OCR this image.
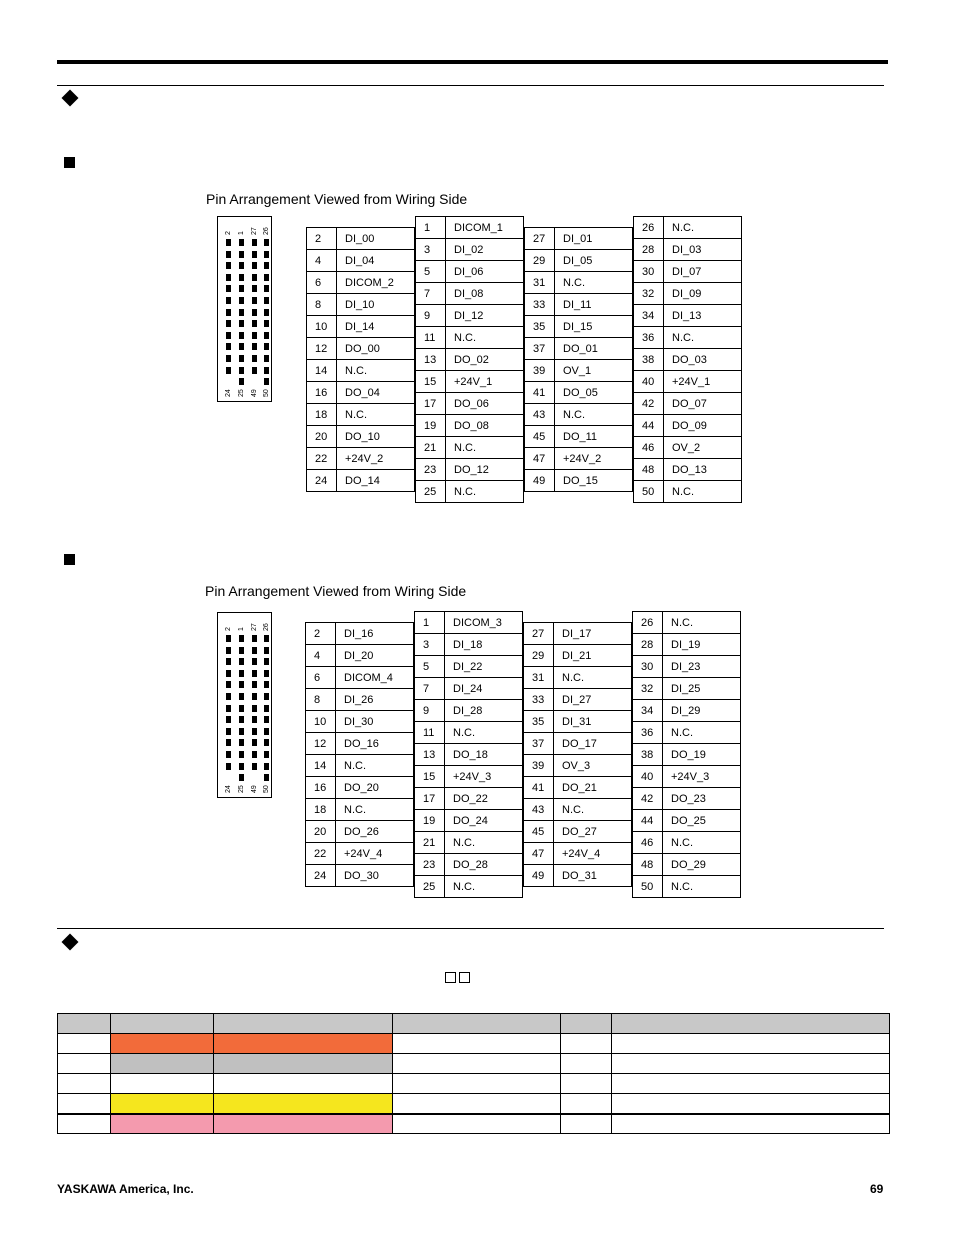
Pin Arrangement Viewed from Wiring Side
2 1 27 26
24 25 49 50
2	DI_00
4	DI_04
6	DICOM_2
8	DI_10
10	DI_14
12	DO_00
14	N.C.
16	DO_04
18	N.C.
20	DO_10
22	+24V_2
24	DO_14
1	DICOM_1
3	DI_02
5	DI_06
7	DI_08
9	DI_12
11	N.C.
13	DO_02
15	+24V_1
17	DO_06
19	DO_08
21	N.C.
23	DO_12
25	N.C.
27	DI_01
29	DI_05
31	N.C.
33	DI_11
35	DI_15
37	DO_01
39	OV_1
41	DO_05
43	N.C.
45	DO_11
47	+24V_2
49	DO_15
26	N.C.
28	DI_03
30	DI_07
32	DI_09
34	DI_13
36	N.C.
38	DO_03
40	+24V_1
42	DO_07
44	DO_09
46	OV_2
48	DO_13
50	N.C.
Pin Arrangement Viewed from Wiring Side
2 1 27 26
24 25 49 50
2	DI_16
4	DI_20
6	DICOM_4
8	DI_26
10	DI_30
12	DO_16
14	N.C.
16	DO_20
18	N.C.
20	DO_26
22	+24V_4
24	DO_30
1	DICOM_3
3	DI_18
5	DI_22
7	DI_24
9	DI_28
11	N.C.
13	DO_18
15	+24V_3
17	DO_22
19	DO_24
21	N.C.
23	DO_28
25	N.C.
27	DI_17
29	DI_21
31	N.C.
33	DI_27
35	DI_31
37	DO_17
39	OV_3
41	DO_21
43	N.C.
45	DO_27
47	+24V_4
49	DO_31
26	N.C.
28	DI_19
30	DI_23
32	DI_25
34	DI_29
36	N.C.
38	DO_19
40	+24V_3
42	DO_23
44	DO_25
46	N.C.
48	DO_29
50	N.C.

YASKAWA America, Inc.	69
